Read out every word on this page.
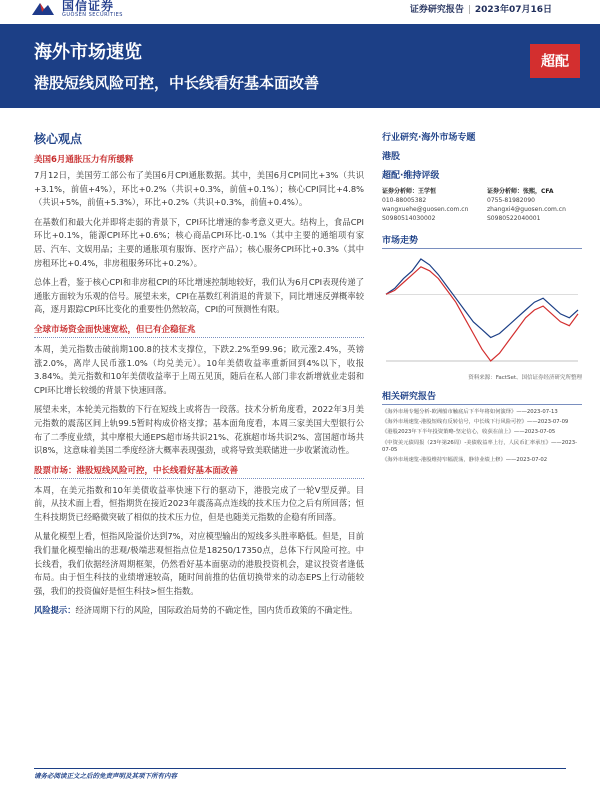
国信证券
GUOSEN SECURITIES	证券研究报告 | 2023年07月16日
海外市场速览
港股短线风险可控，中长线看好基本面改善
超配
核心观点
美国6月通胀压力有所缓释

7月12日，美国劳工部公布了美国6月CPI通胀数据。其中，美国6月CPI同比+3%（共识+3.1%，前值+4%），环比+0.2%（共识+0.3%，前值+0.1%）；核心CPI同比+4.8%（共识+5%，前值+5.3%），环比+0.2%（共识+0.3%，前值+0.4%）。

在基数们和最大化并即将走弱的背景下，CPI环比增速的参考意义更大。结构上，食品CPI环比+0.1%，能源CPI环比+0.6%；核心商品CPI环比-0.1%（其中主要的通缩项有家居、汽车、文娱用品；主要的通胀项有服饰、医疗产品）；核心服务CPI环比+0.3%（其中房租环比+0.4%，非房租服务环比+0.2%）。

总体上看，鉴于核心CPI和非房租CPI的环比增速控制地较好，我们认为6月CPI表现传递了通胀方面较为乐观的信号。展望未来，CPI在基数红利消退的背景下，同比增速反弹概率较高，逐月跟踪CPI环比变化的重要性仍然较高，CPI的可预测性有限。

全球市场资金面快速宽松，但已有企稳征兆

本周，美元指数击破前期100.8的技术支撑位，下跌2.2%至99.96；欧元涨2.4%，英镑涨2.0%，离岸人民币涨1.0%（均兑美元）。10年美债收益率重新回到4%以下，收报3.84%。美元指数和10年美债收益率于上周五见顶，随后在私人部门非农新增就业走弱和CPI环比增长较缓的背景下快速回落。

展望未来，本轮美元指数的下行在短线上或将告一段落。技术分析角度看，2022年3月美元指数的震荡区间上轨99.5暂时构成价格支撑；基本面角度看，本周三家美国大型银行公布了二季度业绩，其中摩根大通EPS超市场共识21%、花旗超市场共识2%、富国超市场共识8%，这意味着美国二季度经济大概率表现强劲，或将导致美联储进一步收紧流动性。

股票市场：港股短线风险可控，中长线看好基本面改善

本周，在美元指数和10年美债收益率快速下行的驱动下，港股完成了一轮V型反弹。目前，从技术面上看，恒指期货在接近2023年震荡高点连线的技术压力位之后有所回落；恒生科技期货已经略微突破了相似的技术压力位，但是也随美元指数的企稳有所回落。

从量化模型上看，恒指风险溢价达到7%，对应模型输出的短线多头胜率略低。但是，目前我们量化模型输出的悲观/极端悲观恒指点位是18250/17350点，总体下行风险可控。中长线看，我们依据经济周期框架，仍然看好基本面驱动的港股投资机会，建议投资者逢低布局。由于恒生科技的业绩增速较高，随时间前推的估值切换带来的动态EPS上行动能较强，我们的投资偏好是恒生科技>恒生指数。

风险提示：经济周期下行的风险，国际政治局势的不确定性，国内货币政策的不确定性。

行业研究·海外市场专题
港股
超配·维持评级
证券分析师：王学恒
010-88005382
wangxuehe@guosen.com.cn
S0980514030002
证券分析师：张熙，CFA
0755-81982090
zhangxi4@guosen.com.cn
S0980522040001
市场走势
资料来源：FactSet、国信证券经济研究所整理
相关研究报告
《海外市场专题分析-欧洲船市触底后下半年将如何演绎》——2023-07-13
《海外市场速览-港股短线有反转信号，中长线下行风险可控》——2023-07-09
《港股2023年下半年投资策略-坚定信心，收获在前上》——2023-07-05
《中资美元债周报（23年第26周）-美债收益率上行，人民币汇率承压》——2023-07-05
《海外市场速览-港股维持窄幅震荡，静待业绩上修》——2023-07-02
请务必阅读正文之后的免责声明及其项下所有内容
